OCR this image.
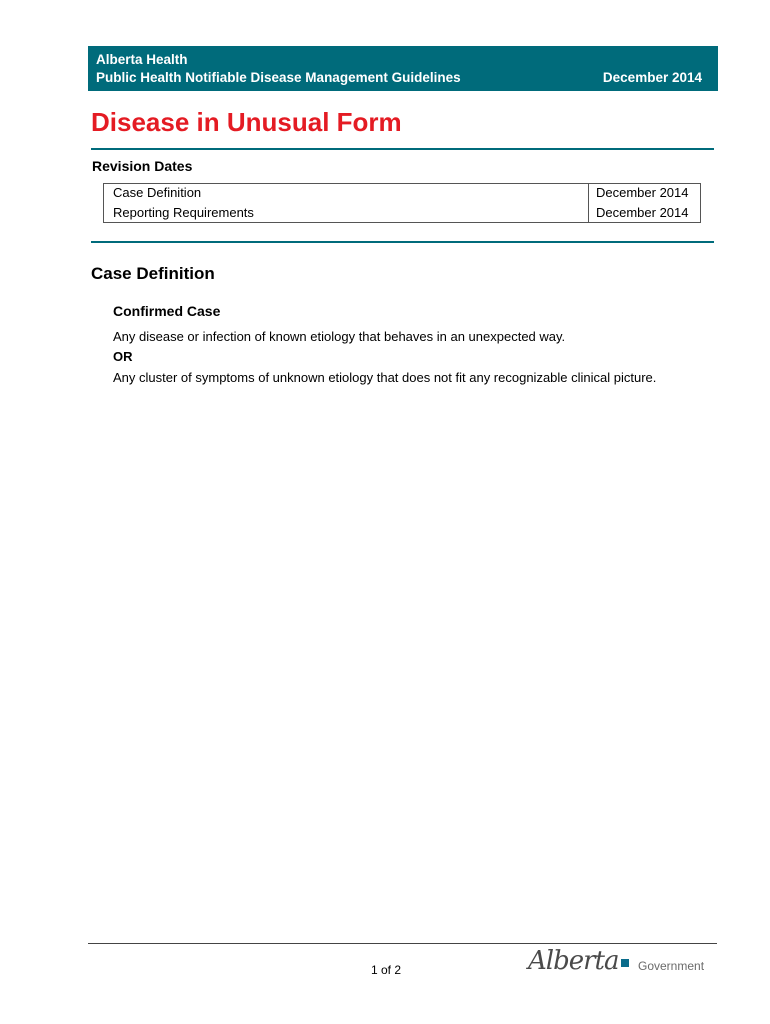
Alberta Health
Public Health Notifiable Disease Management Guidelines	December 2014
Disease in Unusual Form
Revision Dates
Case Definition	December 2014
Reporting Requirements	December 2014
Case Definition
Confirmed Case
Any disease or infection of known etiology that behaves in an unexpected way.
OR
Any cluster of symptoms of unknown etiology that does not fit any recognizable clinical picture.
1 of 2	Alberta Government
